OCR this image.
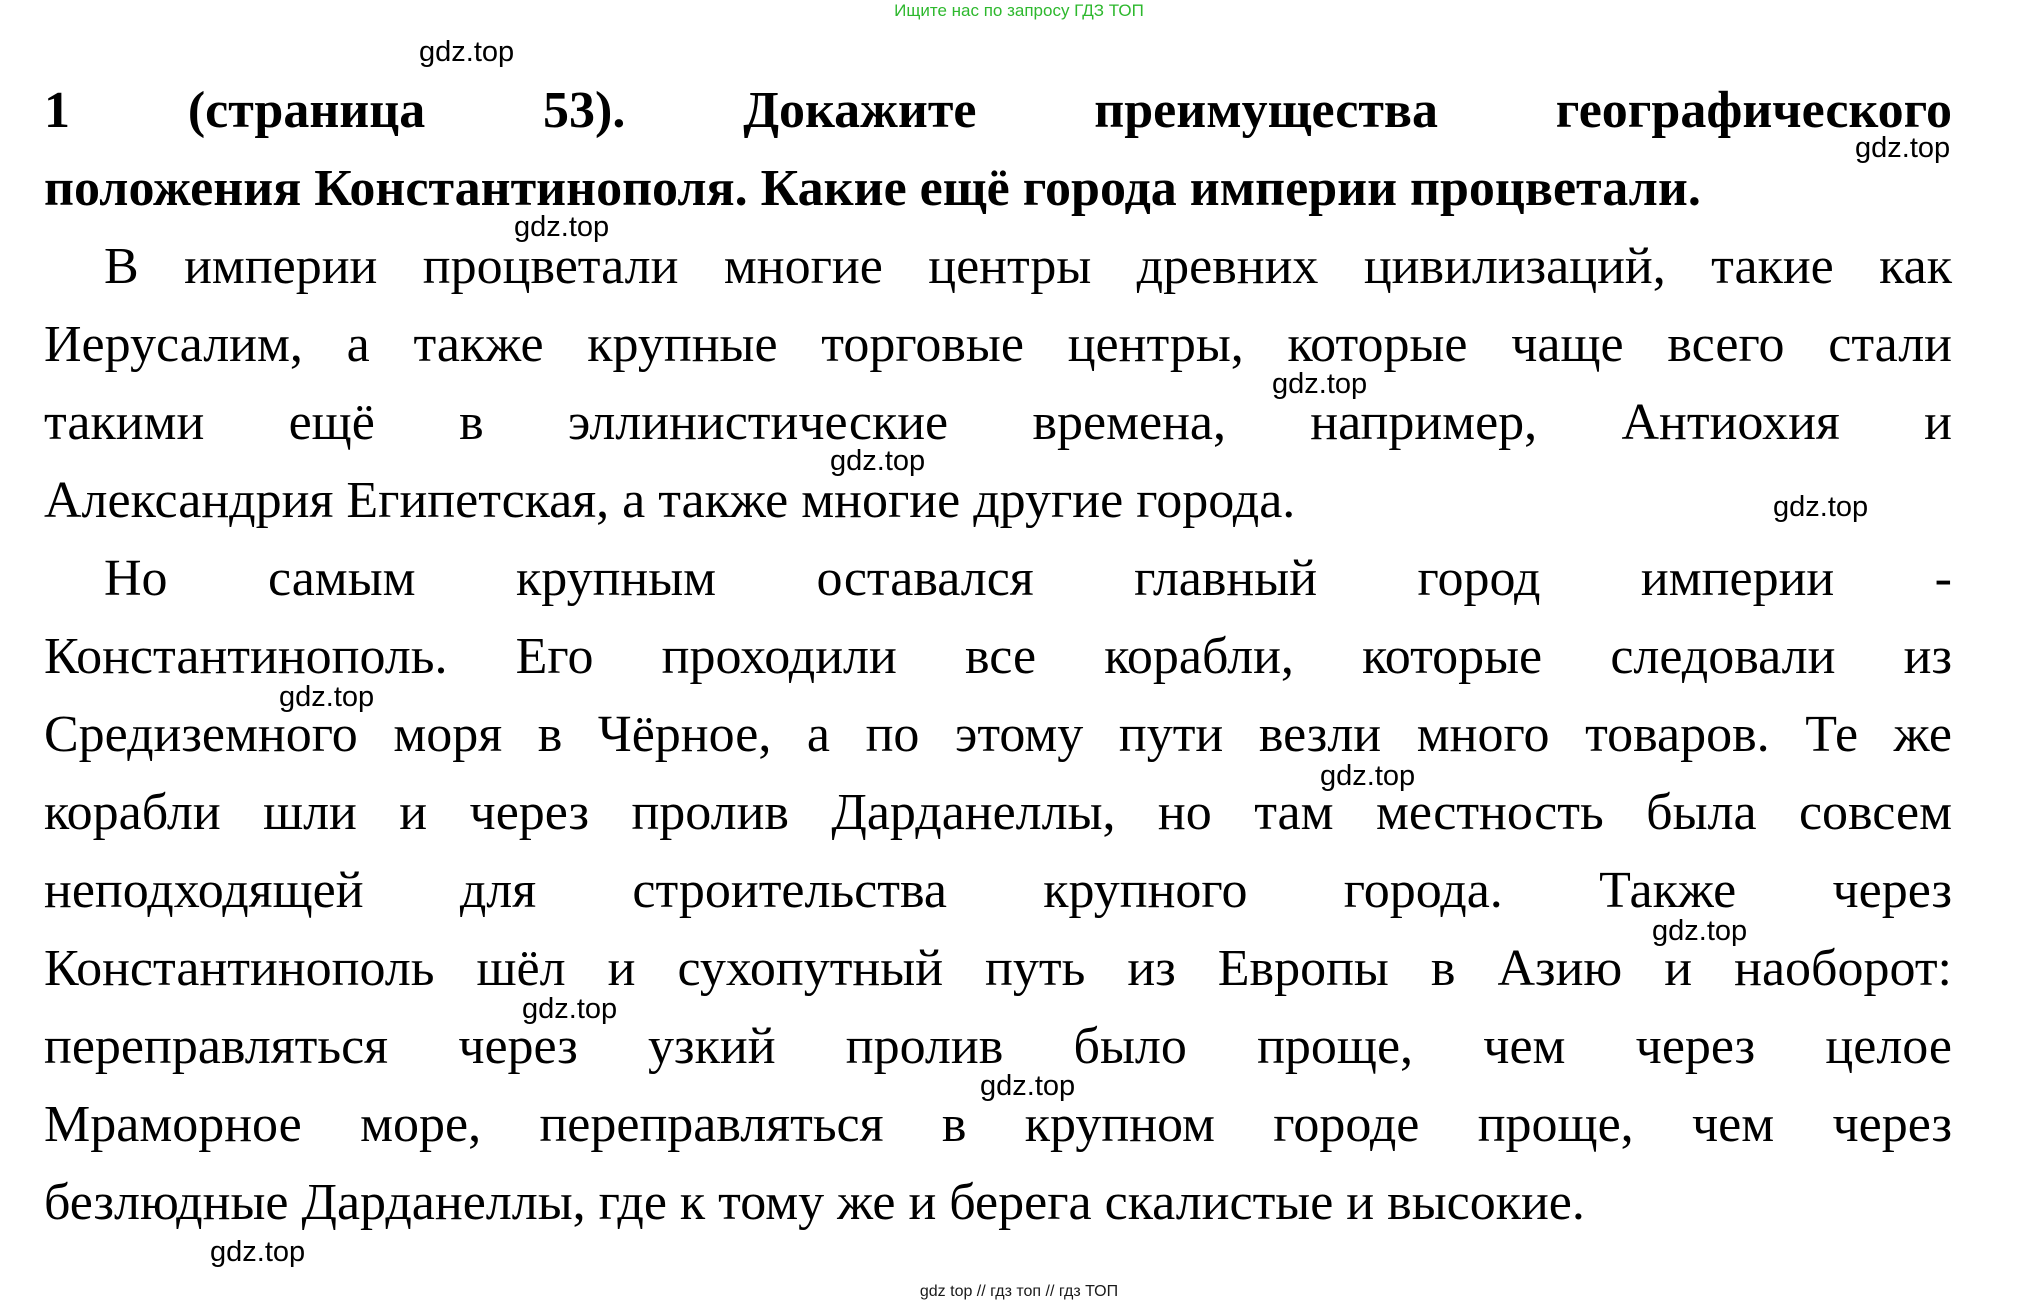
Ищите нас по запросу ГДЗ ТОП
1 (страница 53). Докажите преимущества географического
положения Константинополя. Какие ещё города империи процветали.
В империи процветали многие центры древних цивилизаций, такие как
Иерусалим, а также крупные торговые центры, которые чаще всего стали
такими ещё в эллинистические времена, например, Антиохия и
Александрия Египетская, а также многие другие города.
Но самым крупным оставался главный город империи -
Константинополь. Его проходили все корабли, которые следовали из
Средиземного моря в Чёрное, а по этому пути везли много товаров. Те же
корабли шли и через пролив Дарданеллы, но там местность была совсем
неподходящей для строительства крупного города. Также через
Константинополь шёл и сухопутный путь из Европы в Азию и наоборот:
переправляться через узкий пролив было проще, чем через целое
Мраморное море, переправляться в крупном городе проще, чем через
безлюдные Дарданеллы, где к тому же и берега скалистые и высокие.
gdz.top
gdz.top
gdz.top
gdz.top
gdz.top
gdz.top
gdz.top
gdz.top
gdz.top
gdz.top
gdz.top
gdz.top
gdz top // гдз топ // гдз ТОП
